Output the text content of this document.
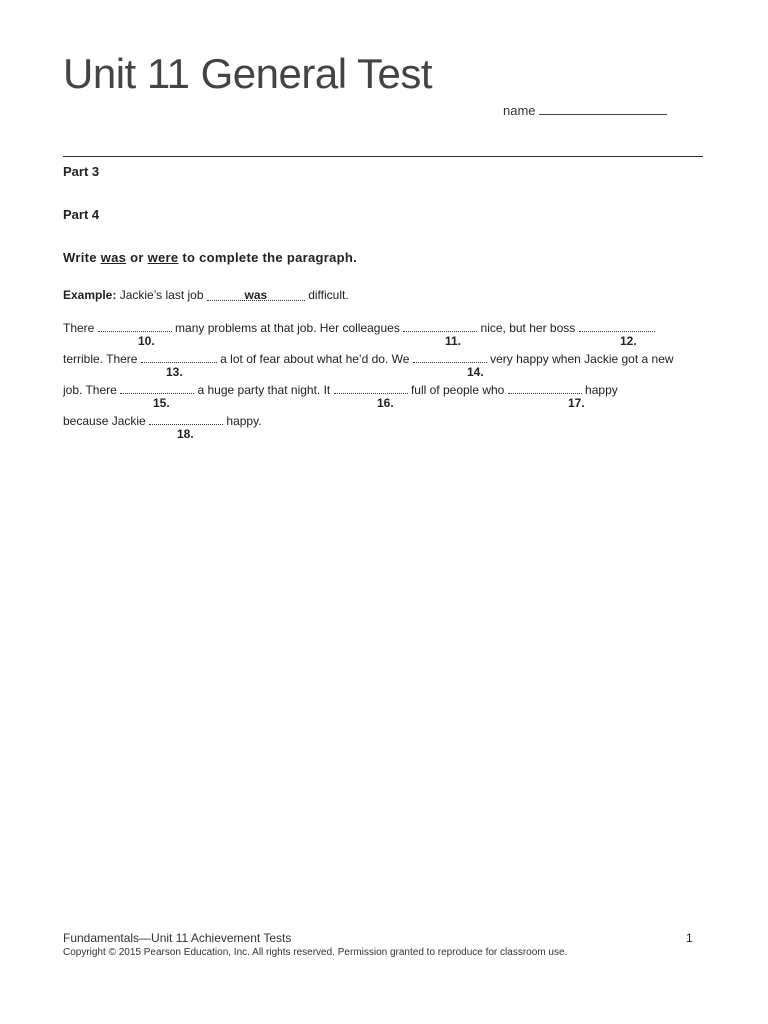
Unit 11 General Test
name
Part 3
Part 4
Write was or were to complete the paragraph.
Example: Jackie’s last job	was	difficult.
There	many problems at that job. Her colleagues	nice, but her boss
10.	11.	12.
terrible. There	a lot of fear about what he’d do. We	very happy when Jackie got a new
13.	14.
job. There	a huge party that night. It	full of people who	happy
15.	16.	17.
because Jackie	happy.
18.
Fundamentals—Unit 11 Achievement Tests	1
Copyright © 2015 Pearson Education, Inc. All rights reserved. Permission granted to reproduce for classroom use.
